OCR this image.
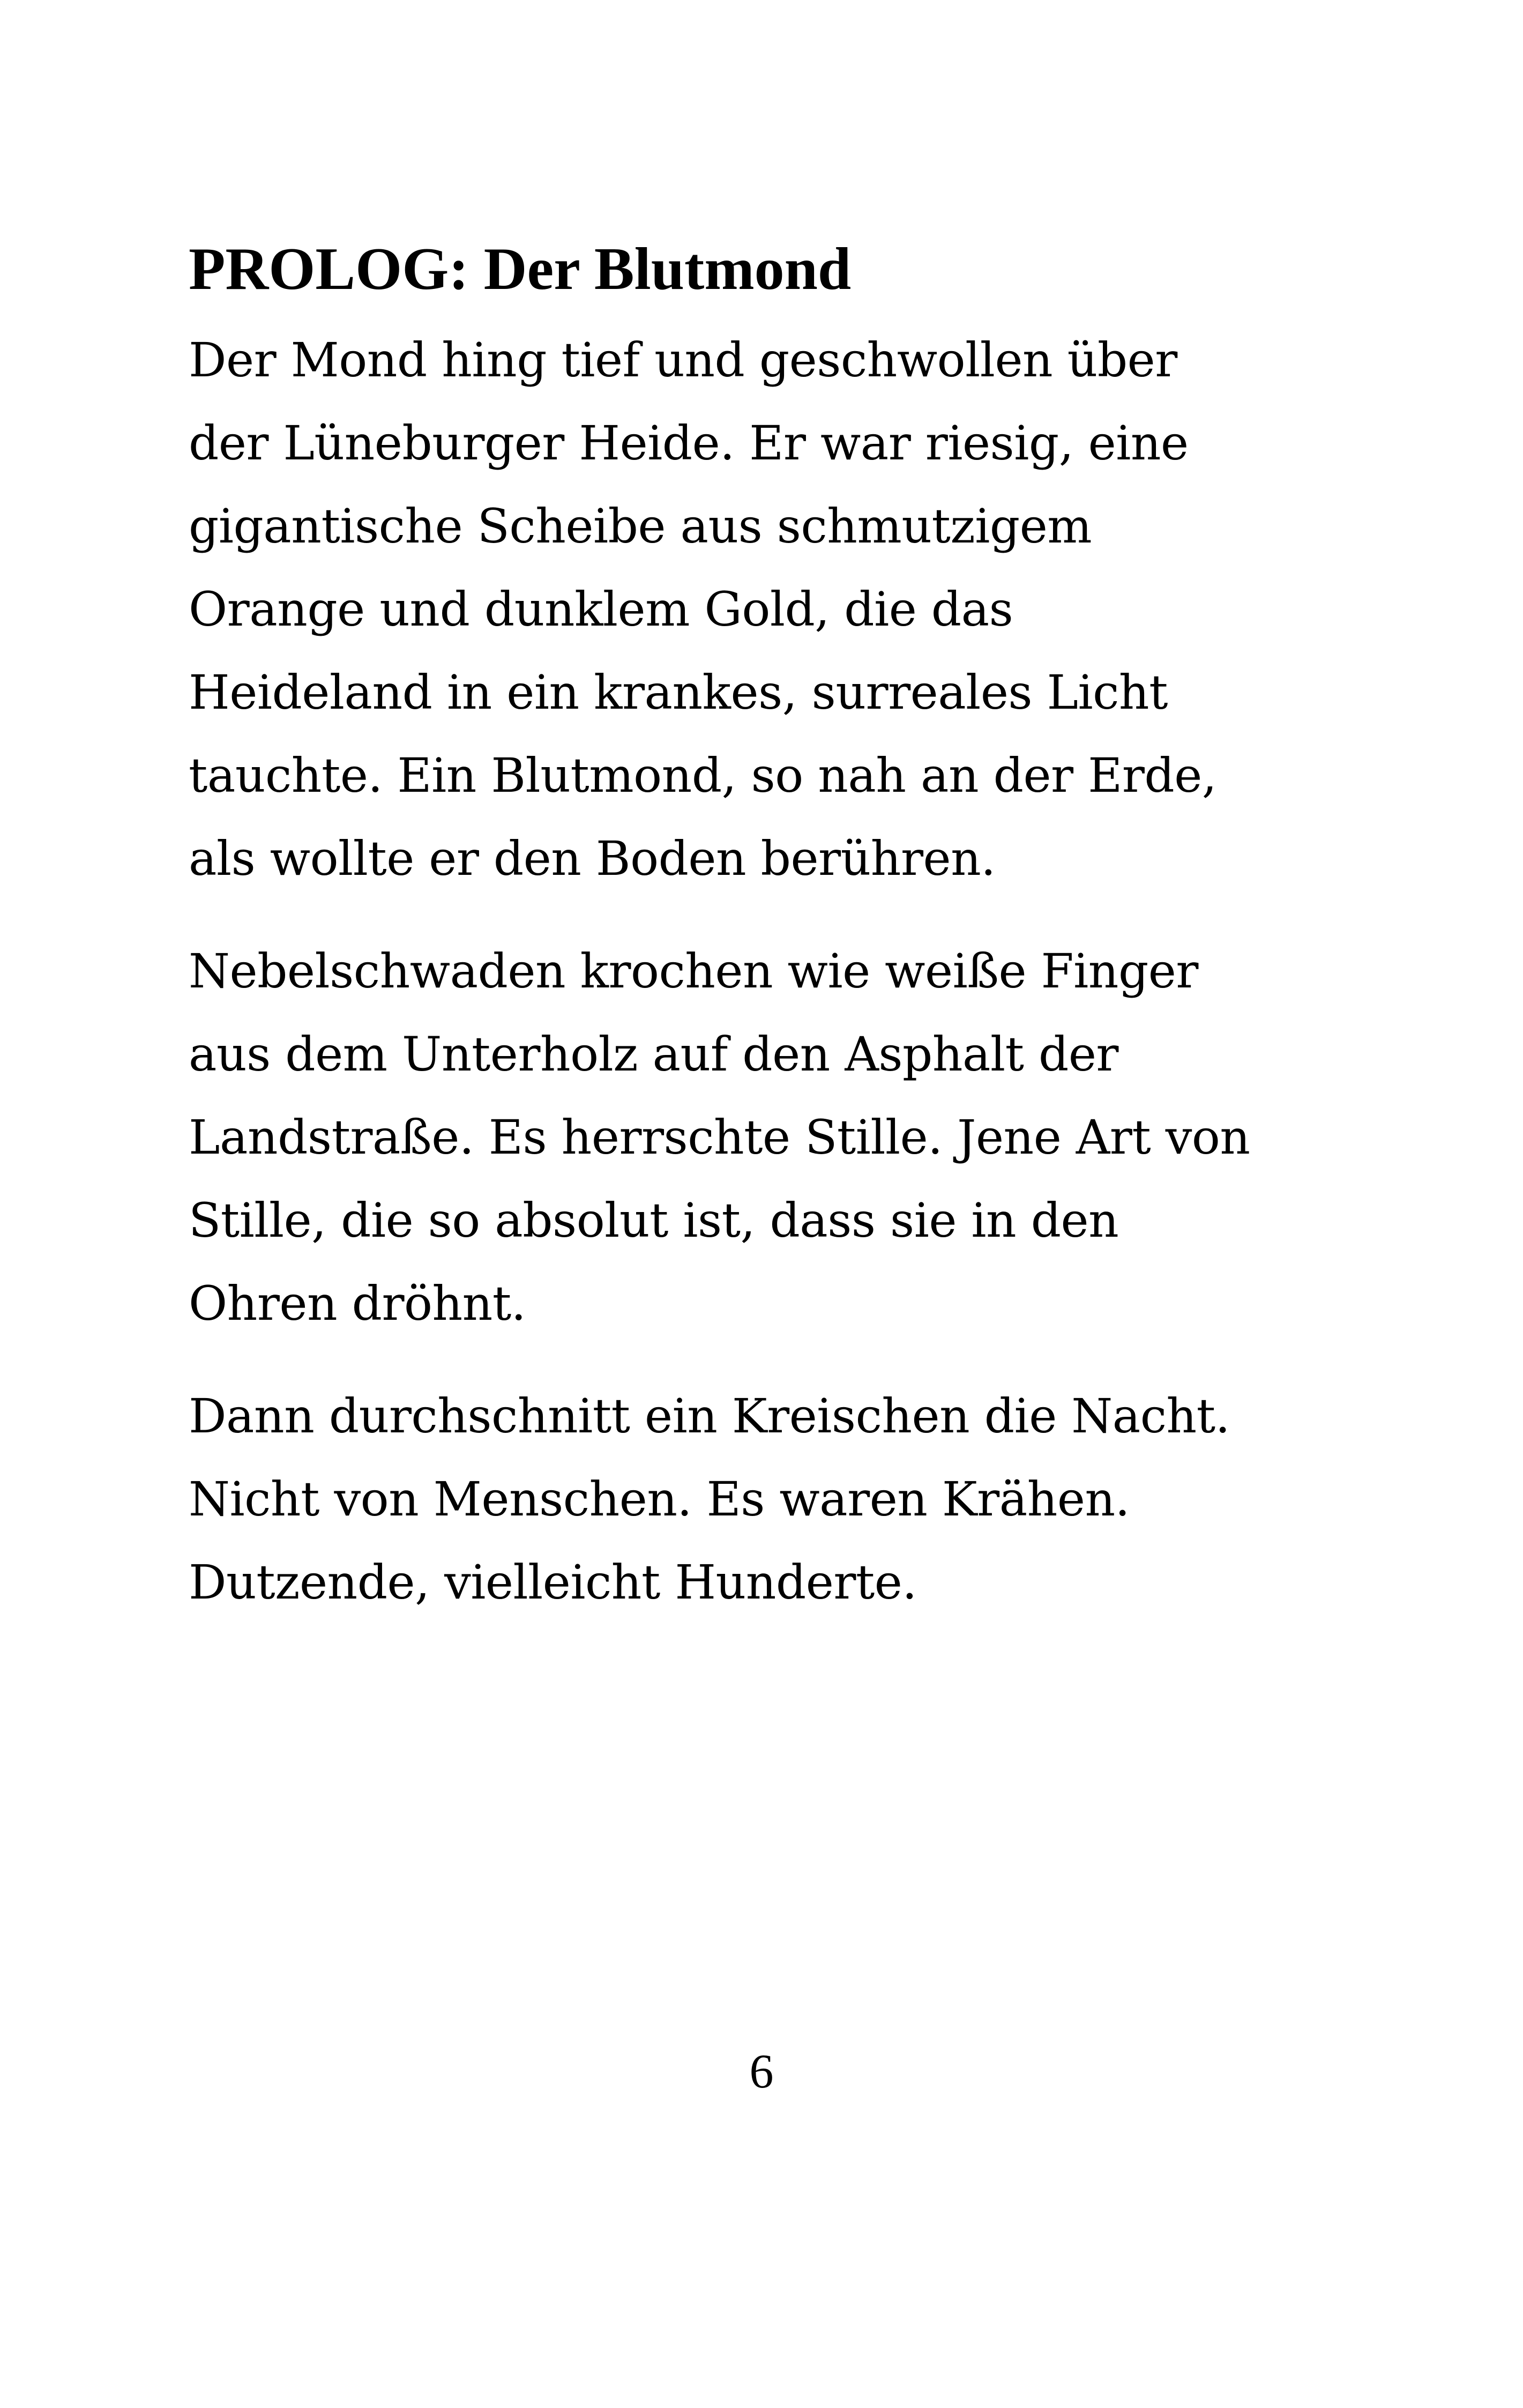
PROLOG: Der Blutmond

Der Mond hing tief und geschwollen über
der Lüneburger Heide. Er war riesig, eine
gigantische Scheibe aus schmutzigem
Orange und dunklem Gold, die das
Heideland in ein krankes, surreales Licht
tauchte. Ein Blutmond, so nah an der Erde,
als wollte er den Boden berühren.

Nebelschwaden krochen wie weiße Finger
aus dem Unterholz auf den Asphalt der
Landstraße. Es herrschte Stille. Jene Art von
Stille, die so absolut ist, dass sie in den
Ohren dröhnt.

Dann durchschnitt ein Kreischen die Nacht.
Nicht von Menschen. Es waren Krähen.
Dutzende, vielleicht Hunderte.

6
